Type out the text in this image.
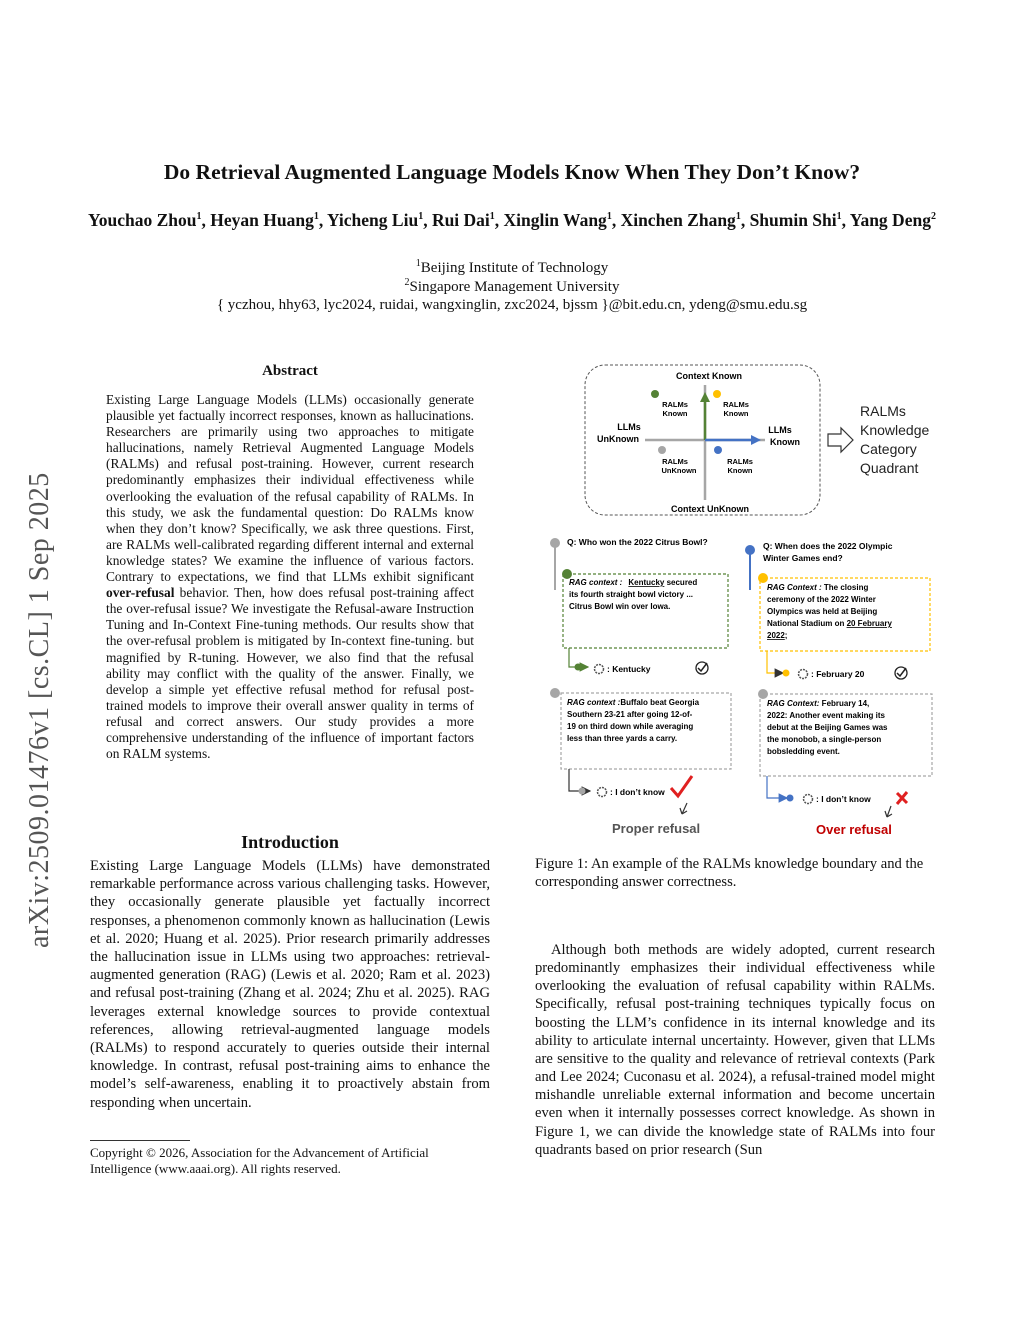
Do Retrieval Augmented Language Models Know When They Don’t Know?
Youchao Zhou$^1$, Heyan Huang$^1$, Yicheng Liu$^1$, Rui Dai$^1$, Xinglin Wang$^1$, Xinchen Zhang$^1$, Shumin Shi$^1$, Yang Deng$^2$
$^1$Beijing Institute of Technology
$^2$Singapore Management University
{ yczhou, hhy63, lyc2024, ruidai, wangxinglin, zxc2024, bjssm }@bit.edu.cn, ydeng@smu.edu.sg
arXiv:2509.01476v1 [cs.CL] 1 Sep 2025
Abstract
Existing Large Language Models (LLMs) occasionally generate plausible yet factually incorrect responses, known as hallucinations. Researchers are primarily using two approaches to mitigate hallucinations, namely Retrieval Augmented Language Models (RALMs) and refusal post-training. However, current research predominantly emphasizes their individual effectiveness while overlooking the evaluation of the refusal capability of RALMs. In this study, we ask the fundamental question: Do RALMs know when they don’t know? Specifically, we ask three questions. First, are RALMs well-calibrated regarding different internal and external knowledge states? We examine the influence of various factors. Contrary to expectations, we find that LLMs exhibit significant over-refusal behavior. Then, how does refusal post-training affect the over-refusal issue? We investigate the Refusal-aware Instruction Tuning and In-Context Fine-tuning methods. Our results show that the over-refusal problem is mitigated by In-context fine-tuning. but magnified by R-tuning. However, we also find that the refusal ability may conflict with the quality of the answer. Finally, we develop a simple yet effective refusal method for refusal post-trained models to improve their overall answer quality in terms of refusal and correct answers. Our study provides a more comprehensive understanding of the influence of important factors on RALM systems.
Introduction
Existing Large Language Models (LLMs) have demonstrated remarkable performance across various challenging tasks. However, they occasionally generate plausible yet factually incorrect responses, a phenomenon commonly known as hallucination (Lewis et al. 2020; Huang et al. 2025). Prior research primarily addresses the hallucination issue in LLMs using two approaches: retrieval-augmented generation (RAG) (Lewis et al. 2020; Ram et al. 2023) and refusal post-training (Zhang et al. 2024; Zhu et al. 2025). RAG leverages external knowledge sources to provide contextual references, allowing retrieval-augmented language models (RALMs) to respond accurately to queries outside their internal knowledge. In contrast, refusal post-training aims to enhance the model’s self-awareness, enabling it to proactively abstain from responding when uncertain.
Copyright © 2026, Association for the Advancement of Artificial Intelligence (www.aaai.org). All rights reserved.
Context Known
Context UnKnown
LLMs UnKnown
LLMs Known
RALMs Known
RALMs Known
RALMs UnKnown
RALMs Known
RALMs Knowledge Category Quadrant
Q: Who won the 2022 Citrus Bowl?
RAG context : Kentucky secured its fourth straight bowl victory ... Citrus Bowl win over Iowa.
: Kentucky
RAG context :Buffalo beat Georgia Southern 23-21 after going 12-of- 19 on third down while averaging less than three yards a carry.
: I don’t know
Proper refusal
Q: When does the 2022 Olympic Winter Games end?
RAG Context : The closing ceremony of the 2022 Winter Olympics was held at Beijing National Stadium on 20 February 2022;
: February 20
RAG Context: February 14, 2022: Another event making its debut at the Beijing Games was the monobob, a single-person bobsledding event.
: I don’t know
Over refusal
Figure 1: An example of the RALMs knowledge boundary and the corresponding answer correctness.
Although both methods are widely adopted, current research predominantly emphasizes their individual effectiveness while overlooking the evaluation of refusal capability within RALMs. Specifically, refusal post-training techniques typically focus on boosting the LLM’s confidence in its internal knowledge and its ability to articulate internal uncertainty. However, given that LLMs are sensitive to the quality and relevance of retrieval contexts (Park and Lee 2024; Cuconasu et al. 2024), a refusal-trained model might mishandle unreliable external information and become uncertain even when it internally possesses correct knowledge. As shown in Figure 1, we can divide the knowledge state of RALMs into four quadrants based on prior research (Sun
